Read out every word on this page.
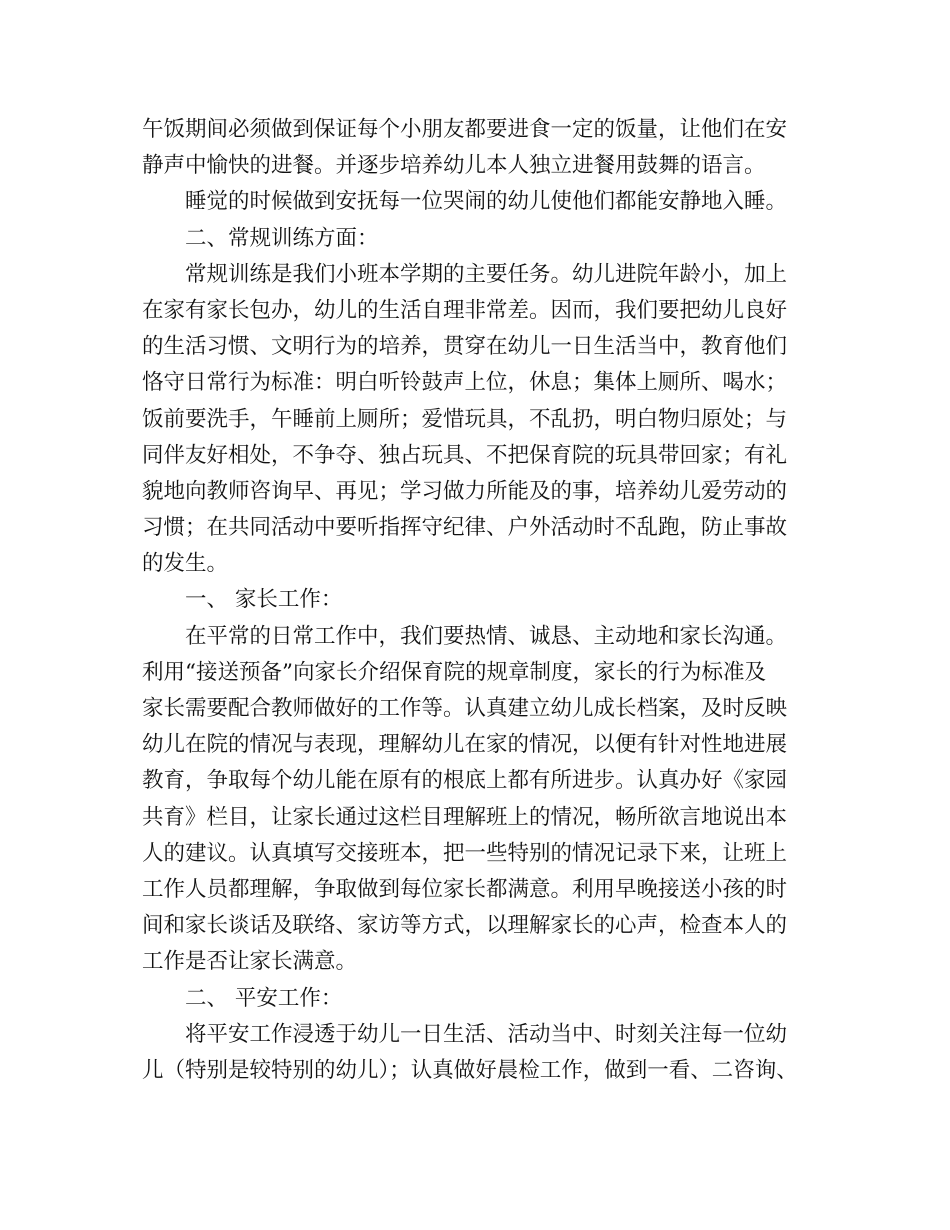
午饭期间必须做到保证每个小朋友都要进食一定的饭量，让他们在安
静声中愉快的进餐。并逐步培养幼儿本人独立进餐用鼓舞的语言。
睡觉的时候做到安抚每一位哭闹的幼儿使他们都能安静地入睡。
二、常规训练方面：
常规训练是我们小班本学期的主要任务。幼儿进院年龄小，加上
在家有家长包办，幼儿的生活自理非常差。因而，我们要把幼儿良好
的生活习惯、文明行为的培养，贯穿在幼儿一日生活当中，教育他们
恪守日常行为标准：明白听铃鼓声上位，休息；集体上厕所、喝水；
饭前要洗手，午睡前上厕所；爱惜玩具，不乱扔，明白物归原处；与
同伴友好相处，不争夺、独占玩具、不把保育院的玩具带回家；有礼
貌地向教师咨询早、再见；学习做力所能及的事，培养幼儿爱劳动的
习惯；在共同活动中要听指挥守纪律、户外活动时不乱跑，防止事故
的发生。
一、 家长工作：
在平常的日常工作中，我们要热情、诚恳、主动地和家长沟通。
利用“接送预备”向家长介绍保育院的规章制度，家长的行为标准及
家长需要配合教师做好的工作等。认真建立幼儿成长档案，及时反映
幼儿在院的情况与表现，理解幼儿在家的情况，以便有针对性地进展
教育，争取每个幼儿能在原有的根底上都有所进步。认真办好《家园
共育》栏目，让家长通过这栏目理解班上的情况，畅所欲言地说出本
人的建议。认真填写交接班本，把一些特别的情况记录下来，让班上
工作人员都理解，争取做到每位家长都满意。利用早晚接送小孩的时
间和家长谈话及联络、家访等方式，以理解家长的心声，检查本人的
工作是否让家长满意。
二、 平安工作：
将平安工作浸透于幼儿一日生活、活动当中、时刻关注每一位幼
儿（特别是较特别的幼儿）；认真做好晨检工作，做到一看、二咨询、
